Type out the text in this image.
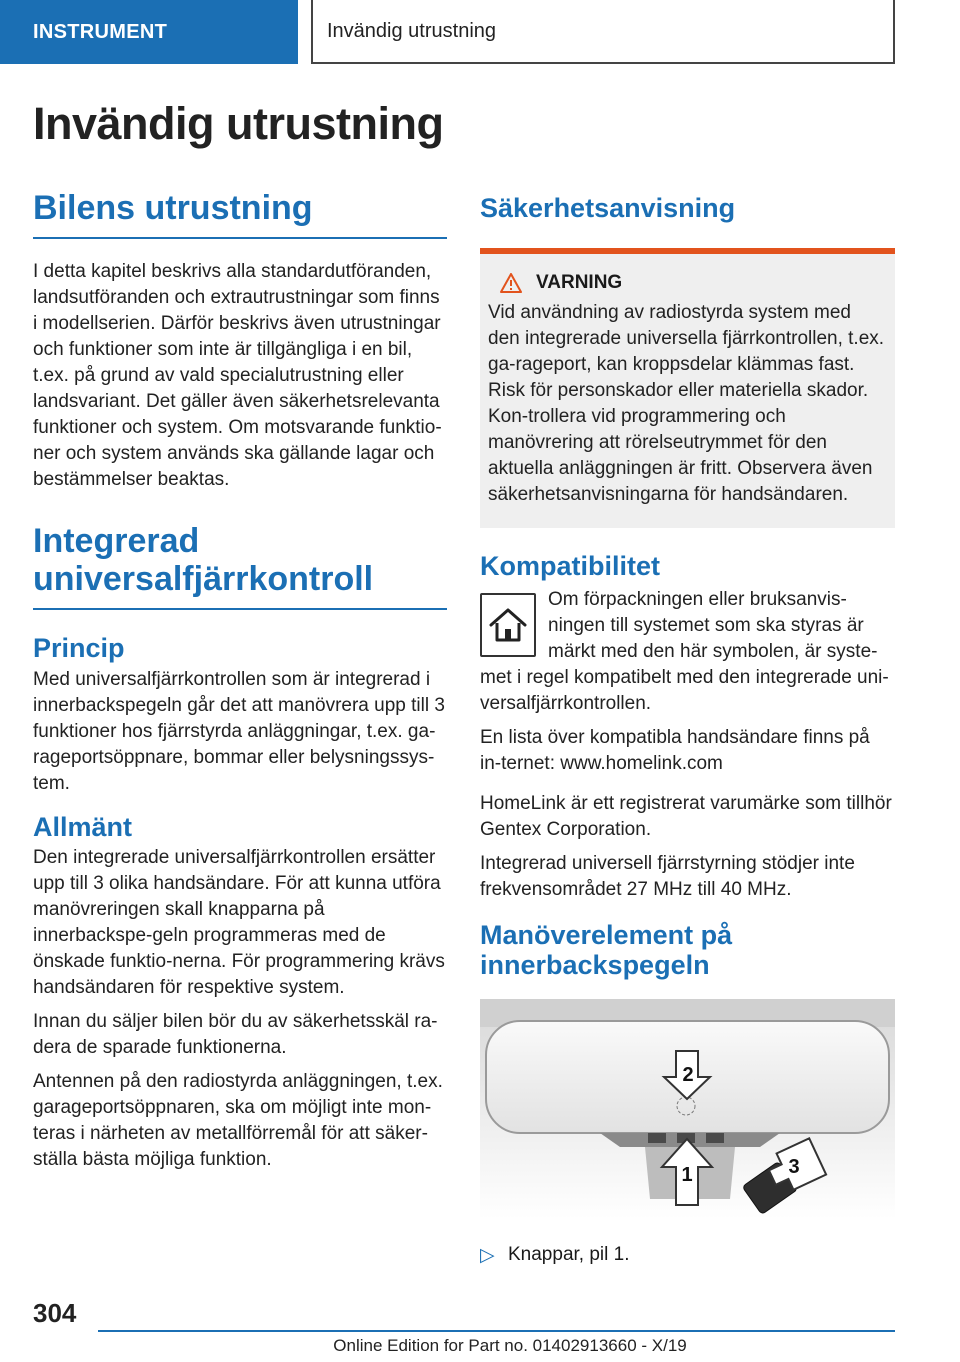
INSTRUMENT	Invändig utrustning
Invändig utrustning
Bilens utrustning

I detta kapitel beskrivs alla standardutföranden, landsutföranden och extrautrustningar som finns i modellserien. Därför beskrivs även utrustningar och funktioner som inte är tillgängliga i en bil, t.ex. på grund av vald specialutrustning eller landsvariant. Det gäller även säkerhetsrelevanta funktioner och system. Om motsvarande funktio-ner och system används ska gällande lagar och bestämmelser beaktas.

Integrerad universalfjärrkontroll
Princip

Med universalfjärrkontrollen som är integrerad i innerbackspegeln går det att manövrera upp till 3 funktioner hos fjärrstyrda anläggningar, t.ex. ga-rageportsöppnare, bommar eller belysningssys-tem.

Allmänt

Den integrerade universalfjärrkontrollen ersätter upp till 3 olika handsändare. För att kunna utföra manövreringen skall knapparna på innerbackspe-geln programmeras med de önskade funktio-nerna. För programmering krävs handsändaren för respektive system.

Innan du säljer bilen bör du av säkerhetsskäl ra-dera de sparade funktionerna.

Antennen på den radiostyrda anläggningen, t.ex. garageportsöppnaren, ska om möjligt inte mon-teras i närheten av metallförremål för att säker-ställa bästa möjliga funktion.

Säkerhetsanvisning
VARNING

Vid användning av radiostyrda system med den integrerade universella fjärrkontrollen, t.ex. ga-rageport, kan kroppsdelar klämmas fast. Risk för personskador eller materiella skador. Kon-trollera vid programmering och manövrering att rörelseutrymmet för den aktuella anläggningen är fritt. Observera även säkerhetsanvisningarna för handsändaren.

Kompatibilitet

Om förpackningen eller bruksanvis-ningen till systemet som ska styras är märkt med den här symbolen, är syste-

met i regel kompatibelt med den integrerade uni-versalfjärrkontrollen.

En lista över kompatibla handsändare finns på in-ternet: www.homelink.com

HomeLink är ett registrerat varumärke som tillhör Gentex Corporation.

Integrerad universell fjärrstyrning stödjer inte frekvensområdet 27 MHz till 40 MHz.

Manöverelement på innerbackspegeln
2
1	3
▷ Knappar, pil 1.
304
Online Edition for Part no. 01402913660 - X/19
